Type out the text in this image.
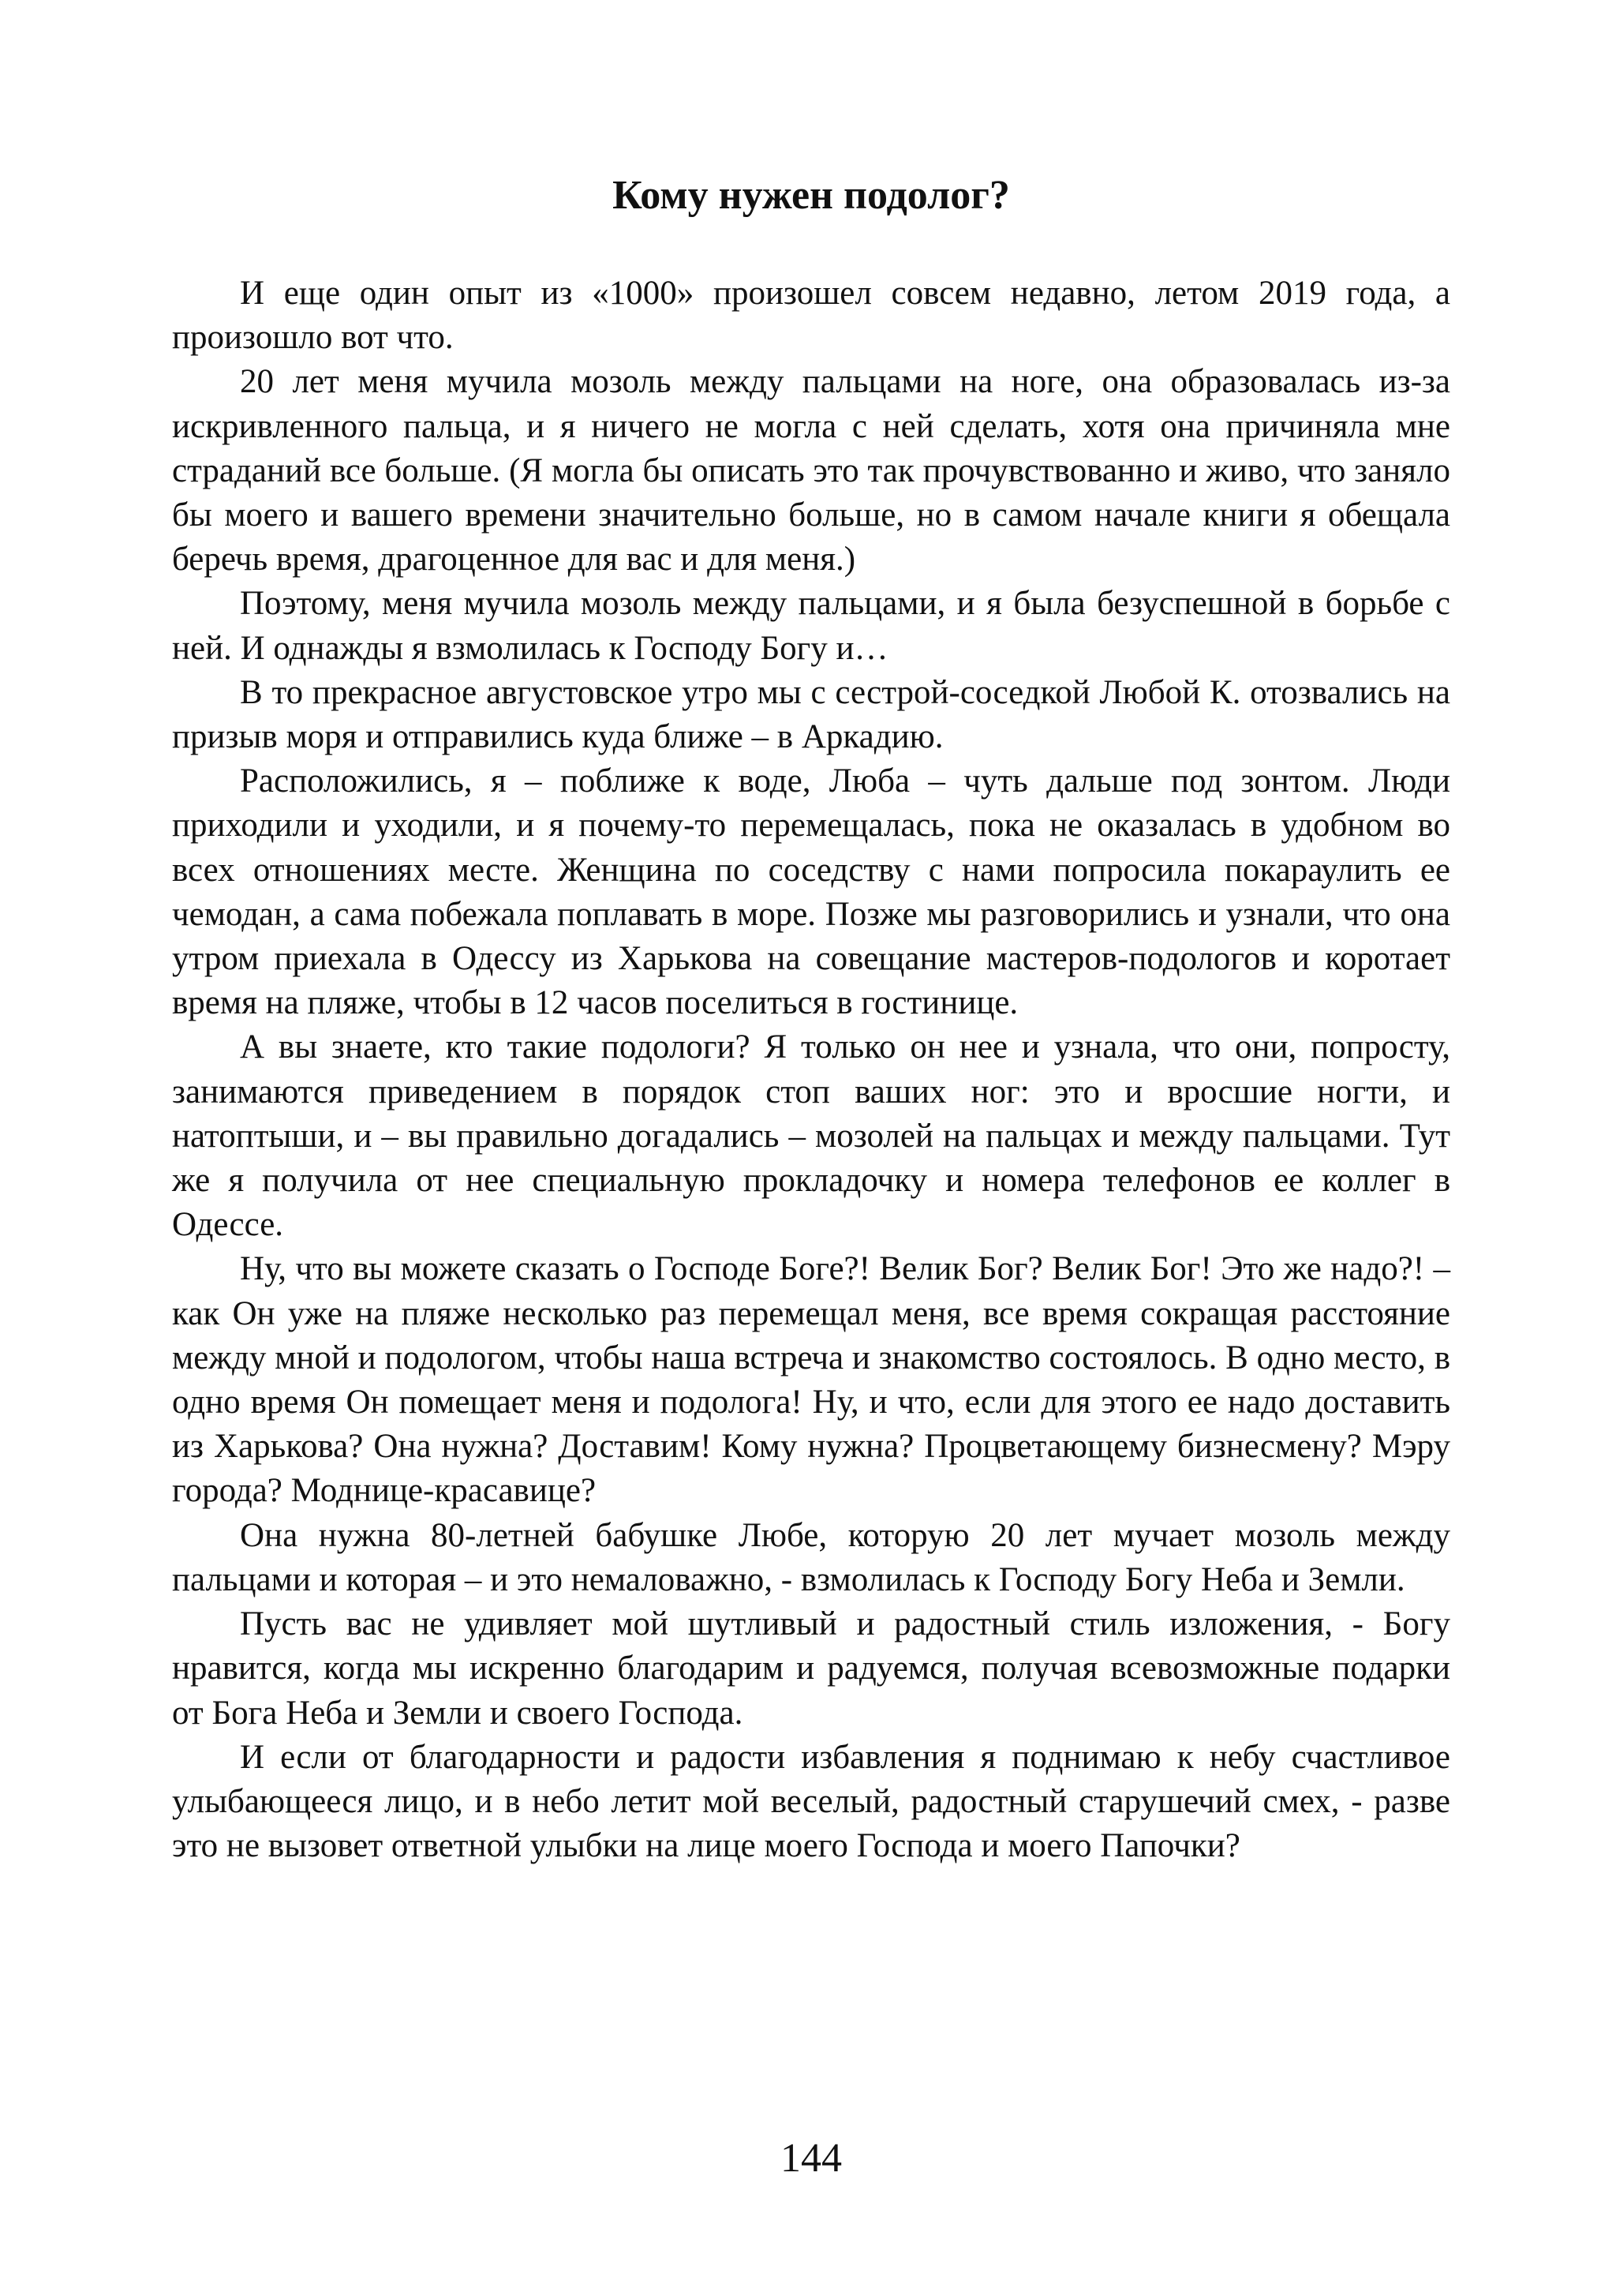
Кому нужен подолог?

И еще один опыт из «1000» произошел совсем недавно, летом 2019 года, а произошло вот что.

20 лет меня мучила мозоль между пальцами на ноге, она образовалась из-за искривленного пальца, и я ничего не могла с ней сделать, хотя она причиняла мне страданий все больше. (Я могла бы описать это так прочувствованно и живо, что заняло бы моего и вашего времени значительно больше, но в самом начале книги я обещала беречь время, драгоценное для вас и для меня.)

Поэтому, меня мучила мозоль между пальцами, и я была безуспешной в борьбе с ней. И однажды я взмолилась к Господу Богу и…

В то прекрасное августовское утро мы с сестрой-соседкой Любой К. отозвались на призыв моря и отправились куда ближе – в Аркадию.

Расположились, я – поближе к воде, Люба – чуть дальше под зонтом. Люди приходили и уходили, и я почему-то перемещалась, пока не оказалась в удобном во всех отношениях месте. Женщина по соседству с нами попросила покараулить ее чемодан, а сама побежала поплавать в море. Позже мы разговорились и узнали, что она утром приехала в Одессу из Харькова на совещание мастеров-подологов и коротает время на пляже, чтобы в 12 часов поселиться в гостинице.

А вы знаете, кто такие подологи? Я только он нее и узнала, что они, попросту, занимаются приведением в порядок стоп ваших ног: это и вросшие ногти, и натоптыши, и – вы правильно догадались – мозолей на пальцах и между пальцами. Тут же я получила от нее специальную прокладочку и номера телефонов ее коллег в Одессе.

Ну, что вы можете сказать о Господе Боге?! Велик Бог? Велик Бог! Это же надо?! – как Он уже на пляже несколько раз перемещал меня, все время сокращая расстояние между мной и подологом, чтобы наша встреча и знакомство состоялось. В одно место, в одно время Он помещает меня и подолога! Ну, и что, если для этого ее надо доставить из Харькова? Она нужна? Доставим! Кому нужна? Процветающему бизнесмену? Мэру города? Моднице-красавице?

Она нужна 80-летней бабушке Любе, которую 20 лет мучает мозоль между пальцами и которая – и это немаловажно, - взмолилась к Господу Богу Неба и Земли.

Пусть вас не удивляет мой шутливый и радостный стиль изложения, - Богу нравится, когда мы искренно благодарим и радуемся, получая всевозможные подарки от Бога Неба и Земли и своего Господа.

И если от благодарности и радости избавления я поднимаю к небу счастливое улыбающееся лицо, и в небо летит мой веселый, радостный старушечий смех, - разве это не вызовет ответной улыбки на лице моего Господа и моего Папочки?

144
